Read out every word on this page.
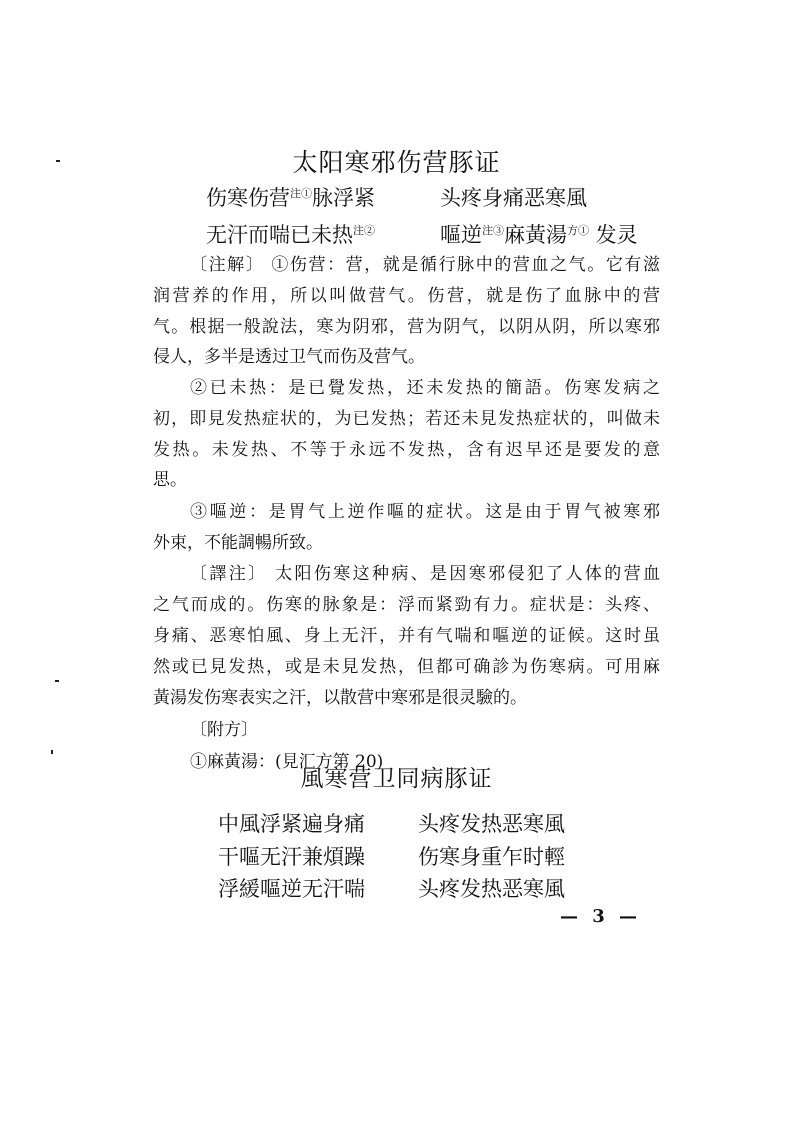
太阳寒邪伤营豚证
伤寒伤营$^{注①}$脉浮紧	头疼身痛恶寒風
无汗而喘已未热$^{注②}$	嘔逆$^{注③}$麻黃湯$^{方①}$ 发灵
〔注解〕 ①伤营：营，就是循行脉中的营血之气。它有滋
润营养的作用，所以叫做营气。伤营，就是伤了血脉中的营
气。根据一般說法，寒为阴邪，营为阴气，以阴从阴，所以寒邪
侵人，多半是透过卫气而伤及营气。
②已未热：是已覺发热，还未发热的簡語。伤寒发病之
初，即見发热症状的，为已发热；若还未見发热症状的，叫做未
发热。未发热、不等于永远不发热，含有迟早还是要发的意
思。
③嘔逆：是胃气上逆作嘔的症状。这是由于胃气被寒邪
外束，不能調暢所致。
〔譯注〕 太阳伤寒这种病、是因寒邪侵犯了人体的营血
之气而成的。伤寒的脉象是：浮而紧勁有力。症状是：头疼、
身痛、恶寒怕風、身上无汗，并有气喘和嘔逆的证候。这时虽
然或已見发热，或是未見发热，但都可确診为伤寒病。可用麻
黃湯发伤寒表实之汗，以散营中寒邪是很灵驗的。
〔附方〕
①麻黃湯：(見汇方第 20)
風寒营卫同病豚证
中風浮紧遍身痛	头疼发热恶寒風
干嘔无汗兼煩躁	伤寒身重乍时輕
浮緩嘔逆无汗喘	头疼发热恶寒風
— 3 —
